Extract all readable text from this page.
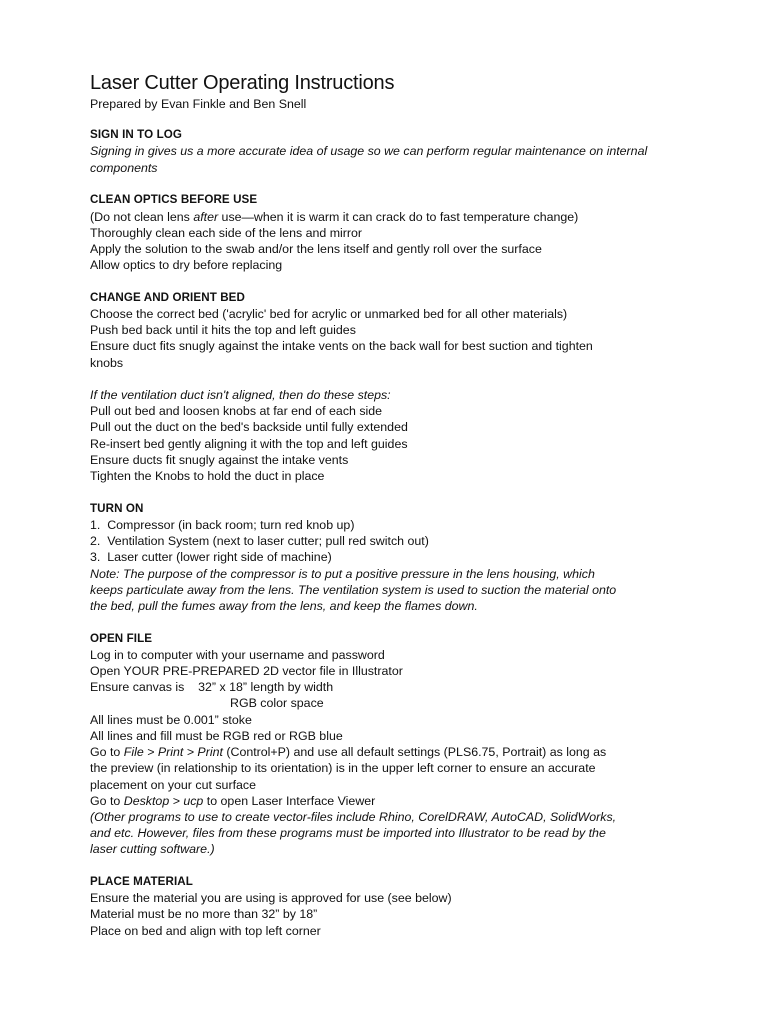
Laser Cutter Operating Instructions

Prepared by Evan Finkle and Ben Snell

SIGN IN TO LOG

Signing in gives us a more accurate idea of usage so we can perform regular maintenance on internal

components

CLEAN OPTICS BEFORE USE

(Do not clean lens after use—when it is warm it can crack do to fast temperature change)

Thoroughly clean each side of the lens and mirror

Apply the solution to the swab and/or the lens itself and gently roll over the surface

Allow optics to dry before replacing

CHANGE AND ORIENT BED

Choose the correct bed ('acrylic' bed for acrylic or unmarked bed for all other materials)

Push bed back until it hits the top and left guides

Ensure duct fits snugly against the intake vents on the back wall for best suction and tighten

knobs

If the ventilation duct isn't aligned, then do these steps:

Pull out bed and loosen knobs at far end of each side

Pull out the duct on the bed's backside until fully extended

Re-insert bed gently aligning it with the top and left guides

Ensure ducts fit snugly against the intake vents

Tighten the Knobs to hold the duct in place

TURN ON

1.  Compressor (in back room; turn red knob up)

2.  Ventilation System (next to laser cutter; pull red switch out)

3.  Laser cutter (lower right side of machine)

Note: The purpose of the compressor is to put a positive pressure in the lens housing, which

keeps particulate away from the lens. The ventilation system is used to suction the material onto

the bed, pull the fumes away from the lens, and keep the flames down.

OPEN FILE

Log in to computer with your username and password

Open YOUR PRE-PREPARED 2D vector file in Illustrator

Ensure canvas is    32” x 18” length by width

RGB color space

All lines must be 0.001” stoke

All lines and fill must be RGB red or RGB blue

Go to File > Print > Print (Control+P) and use all default settings (PLS6.75, Portrait) as long as

the preview (in relationship to its orientation) is in the upper left corner to ensure an accurate

placement on your cut surface

Go to Desktop > ucp to open Laser Interface Viewer

(Other programs to use to create vector-files include Rhino, CorelDRAW, AutoCAD, SolidWorks,

and etc. However, files from these programs must be imported into Illustrator to be read by the

laser cutting software.)

PLACE MATERIAL

Ensure the material you are using is approved for use (see below)

Material must be no more than 32” by 18”

Place on bed and align with top left corner
